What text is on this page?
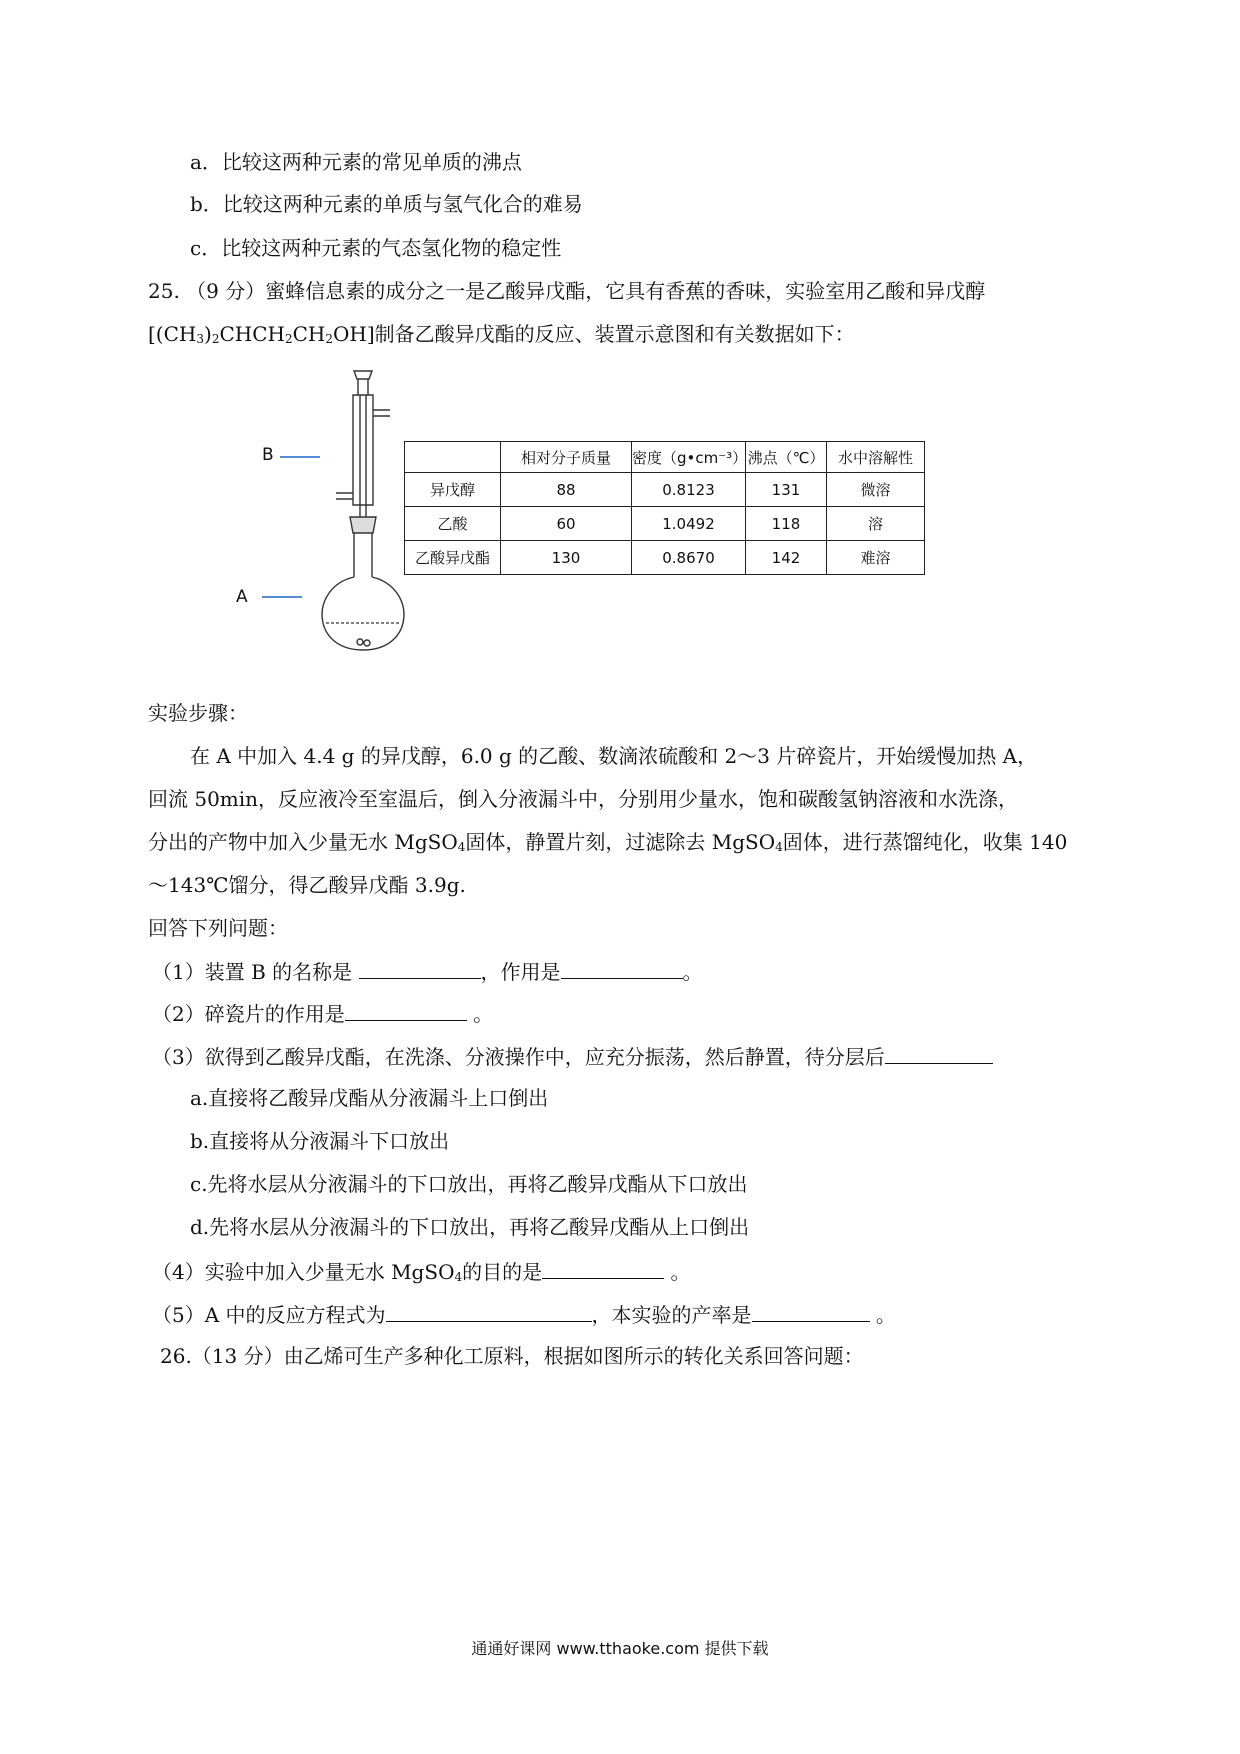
a．比较这两种元素的常见单质的沸点
b．比较这两种元素的单质与氢气化合的难易
c．比较这两种元素的气态氢化物的稳定性
25. （9 分）蜜蜂信息素的成分之一是乙酸异戊酯，它具有香蕉的香味，实验室用乙酸和异戊醇
$[(CH_3)_2CHCH_2CH_2OH]$制备乙酸异戊酯的反应、装置示意图和有关数据如下：
B
A
	相对分子质量	密度（g•cm⁻³）	沸点（℃）	水中溶解性
异戊醇	88	0.8123	131	微溶
乙酸	60	1.0492	118	溶
乙酸异戊酯	130	0.8670	142	难溶
实验步骤：
在 A 中加入 4.4 g 的异戊醇，6.0 g 的乙酸、数滴浓硫酸和 2～3 片碎瓷片，开始缓慢加热 A，
回流 50min，反应液冷至室温后，倒入分液漏斗中，分别用少量水，饱和碳酸氢钠溶液和水洗涤，
分出的产物中加入少量无水 MgSO$_4$固体，静置片刻，过滤除去 MgSO$_4$固体，进行蒸馏纯化，收集 140
～143℃馏分，得乙酸异戊酯 3.9g.
回答下列问题：
（1）装置 B 的名称是	，作用是	。
（2）碎瓷片的作用是	。
（3）欲得到乙酸异戊酯，在洗涤、分液操作中，应充分振荡，然后静置，待分层后
a.直接将乙酸异戊酯从分液漏斗上口倒出
b.直接将从分液漏斗下口放出
c.先将水层从分液漏斗的下口放出，再将乙酸异戊酯从下口放出
d.先将水层从分液漏斗的下口放出，再将乙酸异戊酯从上口倒出
（4）实验中加入少量无水 MgSO$_4$的目的是	。
（5）A 中的反应方程式为	，本实验的产率是	。
26.（13 分）由乙烯可生产多种化工原料，根据如图所示的转化关系回答问题：
通通好课网 www.tthaoke.com 提供下载
